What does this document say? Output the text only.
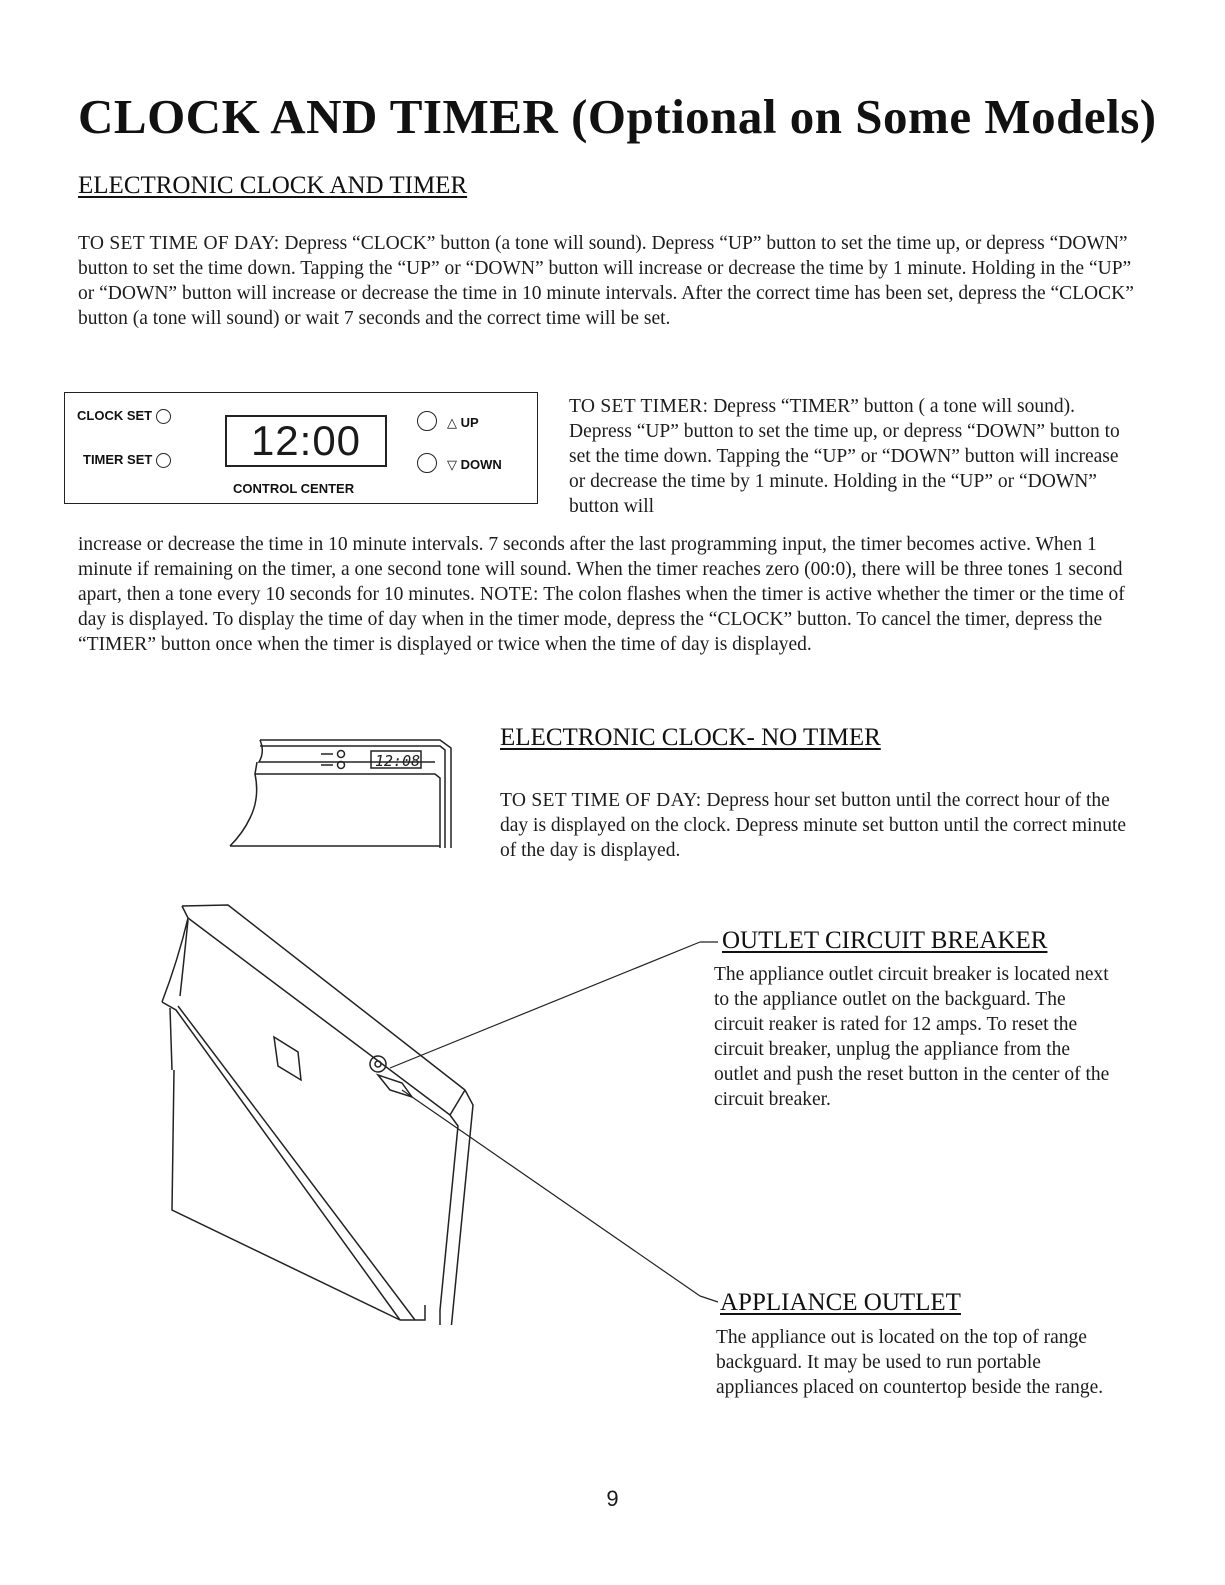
CLOCK AND TIMER (Optional on Some Models)
ELECTRONIC CLOCK AND TIMER

TO SET TIME OF DAY: Depress “CLOCK” button (a tone will sound). Depress “UP” button to set the time up, or depress “DOWN” button to set the time down. Tapping the “UP” or “DOWN” button will increase or decrease the time by 1 minute. Holding in the “UP” or “DOWN” button will increase or decrease the time in 10 minute intervals. After the correct time has been set, depress the “CLOCK” button (a tone will sound) or wait 7 seconds and the correct time will be set.

CLOCK SET
TIMER SET	12:00	△ UP
▽ DOWN
CONTROL CENTER

TO SET TIMER: Depress “TIMER” button ( a tone will sound). Depress “UP” button to set the time up, or depress “DOWN” button to set the time down. Tapping the “UP” or “DOWN” button will increase or decrease the time by 1 minute. Holding in the “UP” or “DOWN” button will

increase or decrease the time in 10 minute intervals. 7 seconds after the last programming input, the timer becomes active. When 1 minute if remaining on the timer, a one second tone will sound. When the timer reaches zero (00:0), there will be three tones 1 second apart, then a tone every 10 seconds for 10 minutes. NOTE: The colon flashes when the timer is active whether the timer or the time of day is displayed. To display the time of day when in the timer mode, depress the “CLOCK” button. To cancel the timer, depress the “TIMER” button once when the timer is displayed or twice when the time of day is displayed.

12:08
ELECTRONIC CLOCK- NO TIMER

TO SET TIME OF DAY: Depress hour set button until the correct hour of the day is displayed on the clock. Depress minute set button until the correct minute of the day is displayed.

OUTLET CIRCUIT BREAKER

The appliance outlet circuit breaker is located next to the appliance outlet on the backguard. The circuit reaker is rated for 12 amps. To reset the circuit breaker, unplug the appliance from the outlet and push the reset button in the center of the circuit breaker.

APPLIANCE OUTLET

The appliance out is located on the top of range backguard. It may be used to run portable appliances placed on countertop beside the range.

9
